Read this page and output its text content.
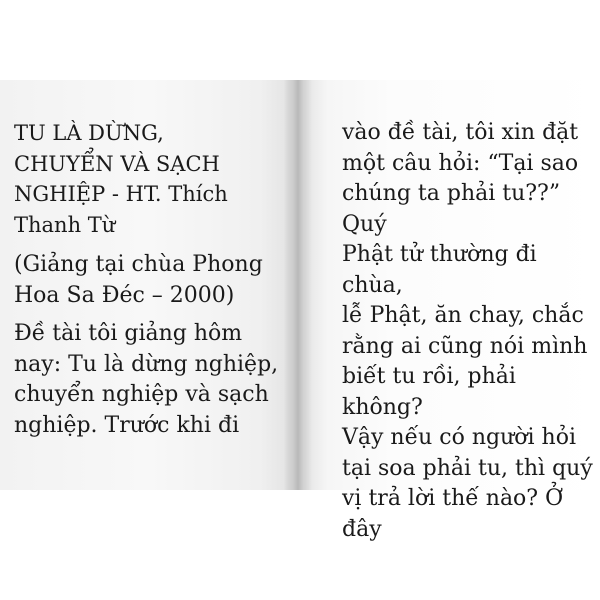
TU LÀ DỪNG,
CHUYỂN VÀ SẠCH
NGHIỆP - HT. Thích
Thanh Từ

(Giảng tại chùa Phong
Hoa Sa Đéc – 2000)

Đề tài tôi giảng hôm
nay: Tu là dừng nghiệp,
chuyển nghiệp và sạch
nghiệp. Trước khi đi

vào đề tài, tôi xin đặt
một câu hỏi: “Tại sao
chúng ta phải tu??” Quý
Phật tử thường đi chùa,
lễ Phật, ăn chay, chắc
rằng ai cũng nói mình
biết tu rồi, phải không?
Vậy nếu có người hỏi
tại soa phải tu, thì quý
vị trả lời thế nào? Ở đây
